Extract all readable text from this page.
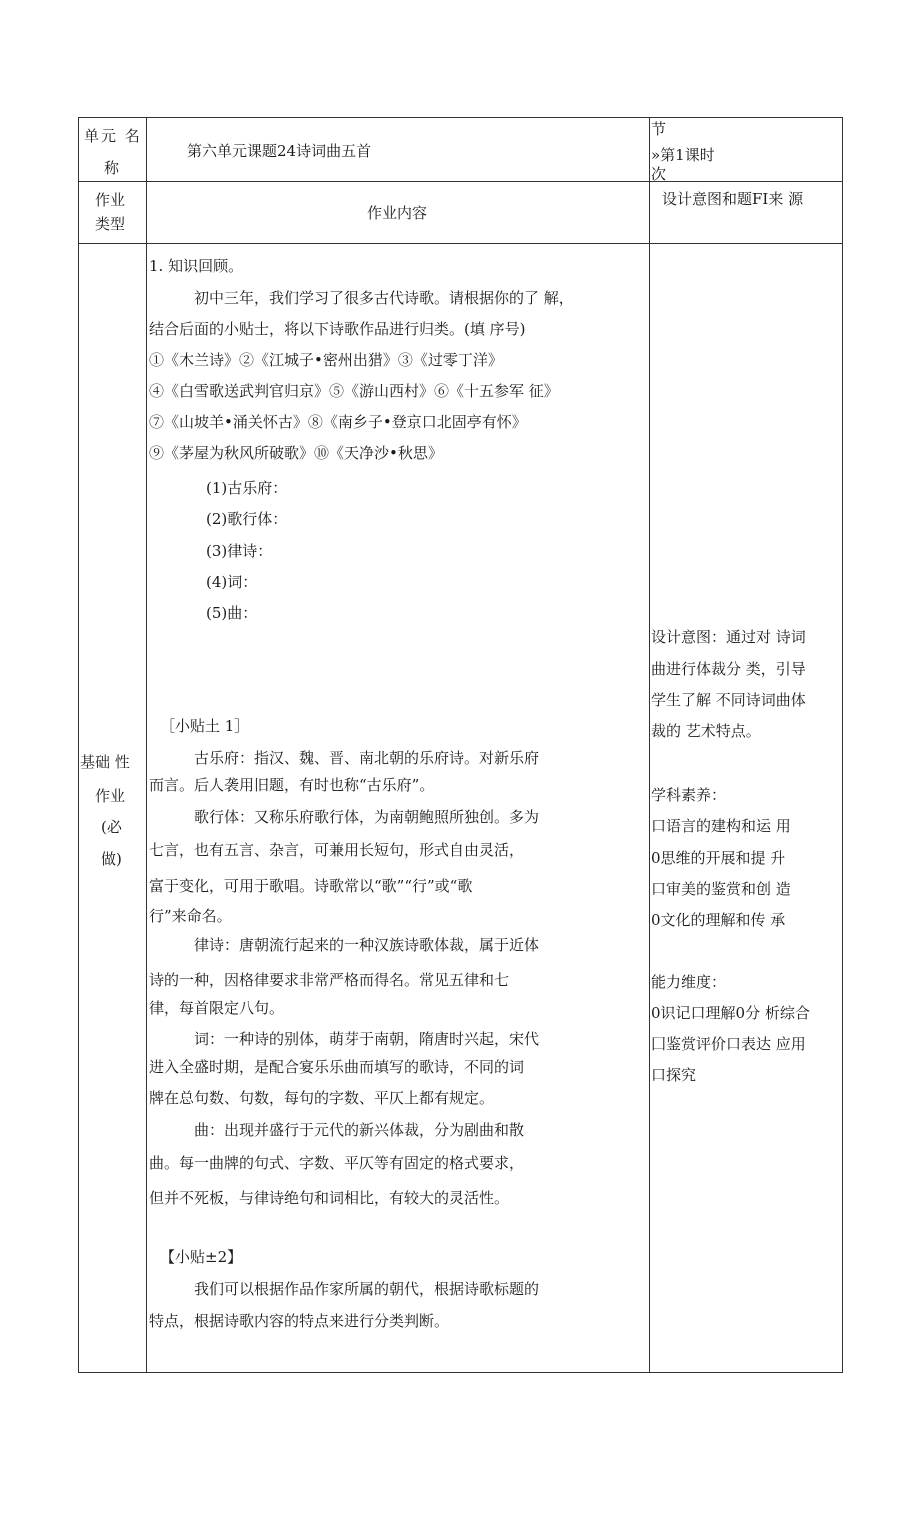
单元 名
称
第六单元课题24诗词曲五首
节
»第1课时
次
作业
类型
作业内容
设计意图和题FI来 源
基础 性
作业
(必
做)
1. 知识回顾。
初中三年，我们学习了很多古代诗歌。请根据你的了 解，
结合后面的小贴士，将以下诗歌作品进行归类。(填 序号)
①《木兰诗》②《江城子•密州出猎》③《过零丁洋》
④《白雪歌送武判官归京》⑤《游山西村》⑥《十五参军 征》
⑦《山坡羊•涌关怀古》⑧《南乡子•登京口北固亭有怀》
⑨《茅屋为秋风所破歌》⑩《天净沙•秋思》
(1)古乐府：
(2)歌行体：
(3)律诗：
(4)词：
(5)曲：
［小贴土 1］
古乐府：指汉、魏、晋、南北朝的乐府诗。对新乐府
而言。后人袭用旧题，有时也称“古乐府”。
歌行体：又称乐府歌行体，为南朝鲍照所独创。多为
七言，也有五言、杂言，可兼用长短句，形式自由灵活，
富于变化，可用于歌唱。诗歌常以“歌”“行”或“歌
行”来命名。
律诗：唐朝流行起来的一种汉族诗歌体裁，属于近体
诗的一种，因格律要求非常严格而得名。常见五律和七
律，每首限定八句。
词：一种诗的别体，萌芽于南朝，隋唐时兴起，宋代
进入全盛时期，是配合宴乐乐曲而填写的歌诗，不同的词
牌在总句数、句数，每句的字数、平仄上都有规定。
曲：出现并盛行于元代的新兴体裁，分为剧曲和散
曲。每一曲牌的句式、字数、平仄等有固定的格式要求，
但并不死板，与律诗绝句和词相比，有较大的灵活性。
【小贴±2】
我们可以根据作品作家所属的朝代，根据诗歌标题的
特点，根据诗歌内容的特点来进行分类判断。
设计意图：通过对 诗词
曲进行体裁分 类，引导
学生了解 不同诗词曲体
裁的 艺术特点。
学科素养：
口语言的建构和运 用
0思维的开展和提 升
口审美的鉴赏和创 造
0文化的理解和传 承
能力维度：
0识记口理解0分 析综合
囗鉴赏评价口表达 应用
口探究
